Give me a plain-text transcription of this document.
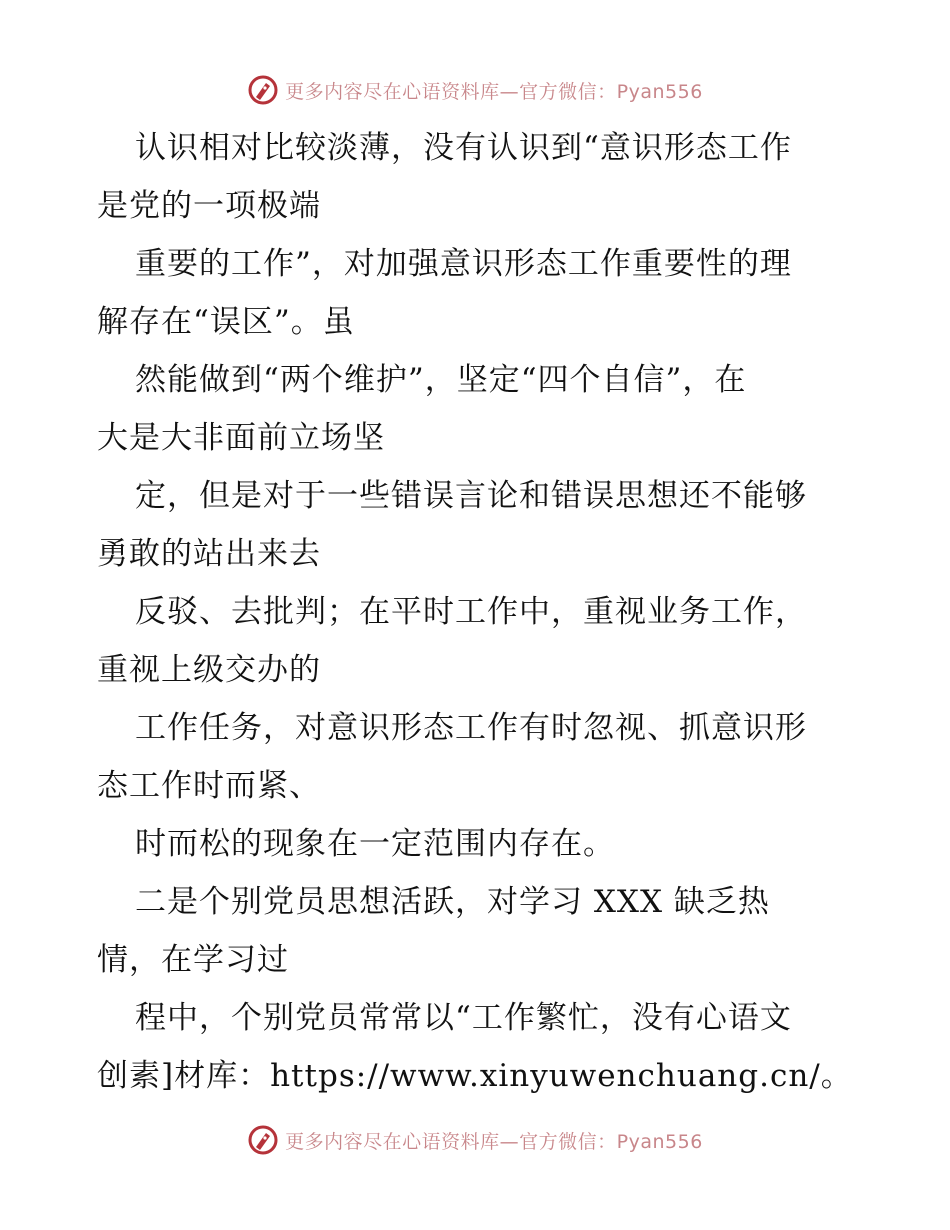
更多内容尽在心语资料库—官方微信：Pyan556
认识相对比较淡薄，没有认识到“意识形态工作
是党的一项极端
重要的工作”，对加强意识形态工作重要性的理
解存在“误区”。虽
然能做到“两个维护”，坚定“四个自信”，在
大是大非面前立场坚
定，但是对于一些错误言论和错误思想还不能够
勇敢的站出来去
反驳、去批判；在平时工作中，重视业务工作，
重视上级交办的
工作任务，对意识形态工作有时忽视、抓意识形
态工作时而紧、
时而松的现象在一定范围内存在。
二是个别党员思想活跃，对学习 XXX 缺乏热
情，在学习过
程中，个别党员常常以“工作繁忙，没有心语文
创素]材库：https://www.xinyuwenchuang.cn/。
更多内容尽在心语资料库—官方微信：Pyan556
